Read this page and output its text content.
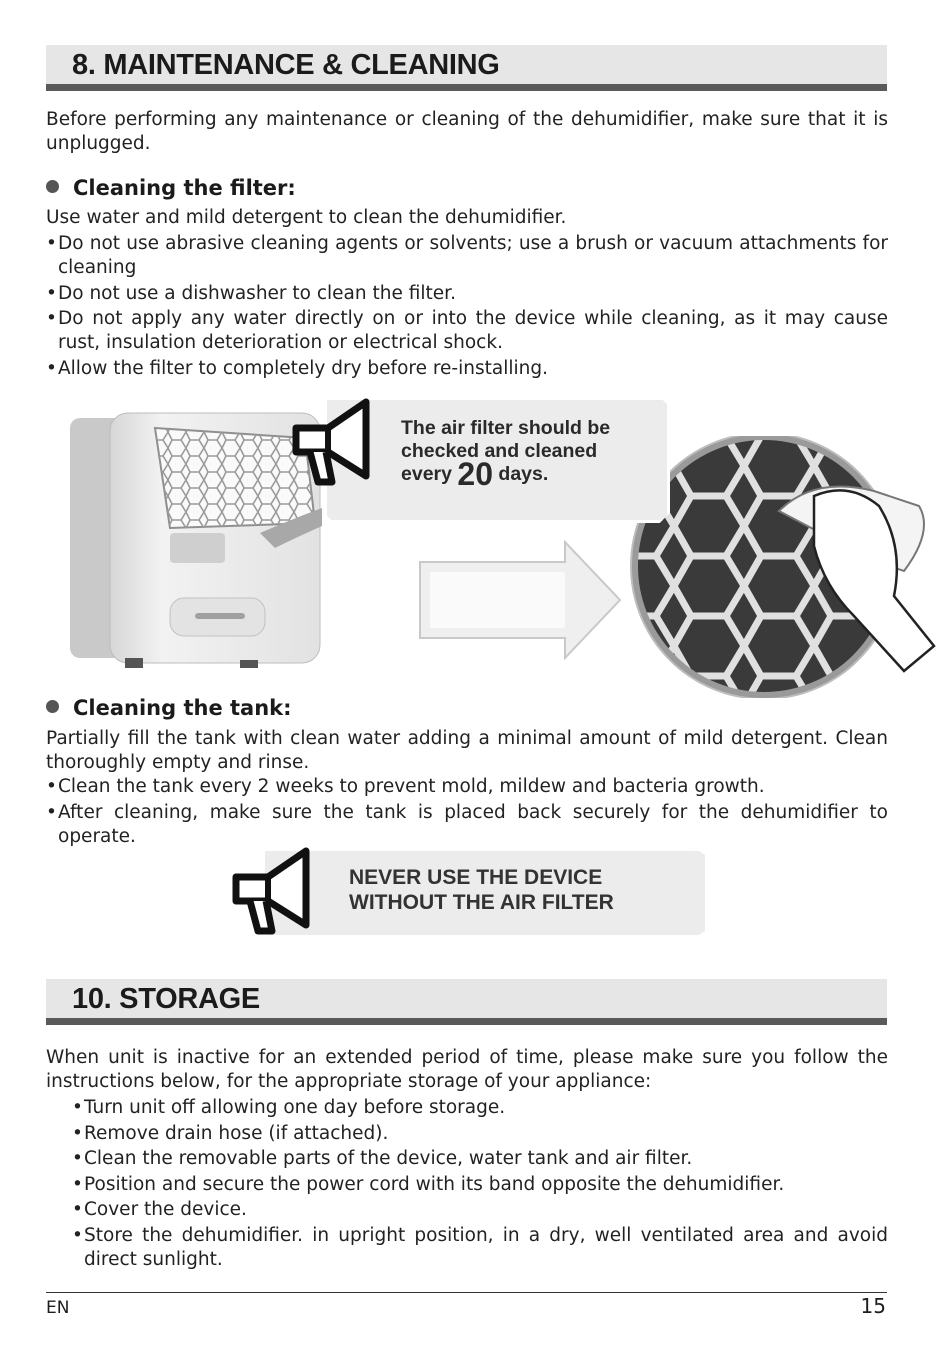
8. MAINTENANCE & CLEANING

Before performing any maintenance or cleaning of the dehumidifier, make sure that it is unplugged.

Cleaning the filter:

Use water and mild detergent to clean the dehumidifier.

• Do not use abrasive cleaning agents or solvents; use a brush or vacuum attachments for cleaning
• Do not use a dishwasher to clean the filter.
• Do not apply any water directly on or into the device while cleaning, as it may cause rust, insulation deterioration or electrical shock.
• Allow the filter to completely dry before re-installing.
The air filter should be
checked and cleaned
every 20 days.
Cleaning the tank:

Partially fill the tank with clean water adding a minimal amount of mild detergent. Clean thoroughly empty and rinse.

• Clean the tank every 2 weeks to prevent mold, mildew and bacteria growth.
• After cleaning, make sure the tank is placed back securely for the dehumidifier to operate.
NEVER USE THE DEVICE
WITHOUT THE AIR FILTER
10. STORAGE

When unit is inactive for an extended period of time, please make sure you follow the instructions below, for the appropriate storage of your appliance:

• Turn unit off allowing one day before storage.
• Remove drain hose (if attached).
• Clean the removable parts of the device, water tank and air filter.
• Position and secure the power cord with its band opposite the dehumidifier.
• Cover the device.
• Store the dehumidifier. in upright position, in a dry, well ventilated area and avoid direct sunlight.
EN	15
